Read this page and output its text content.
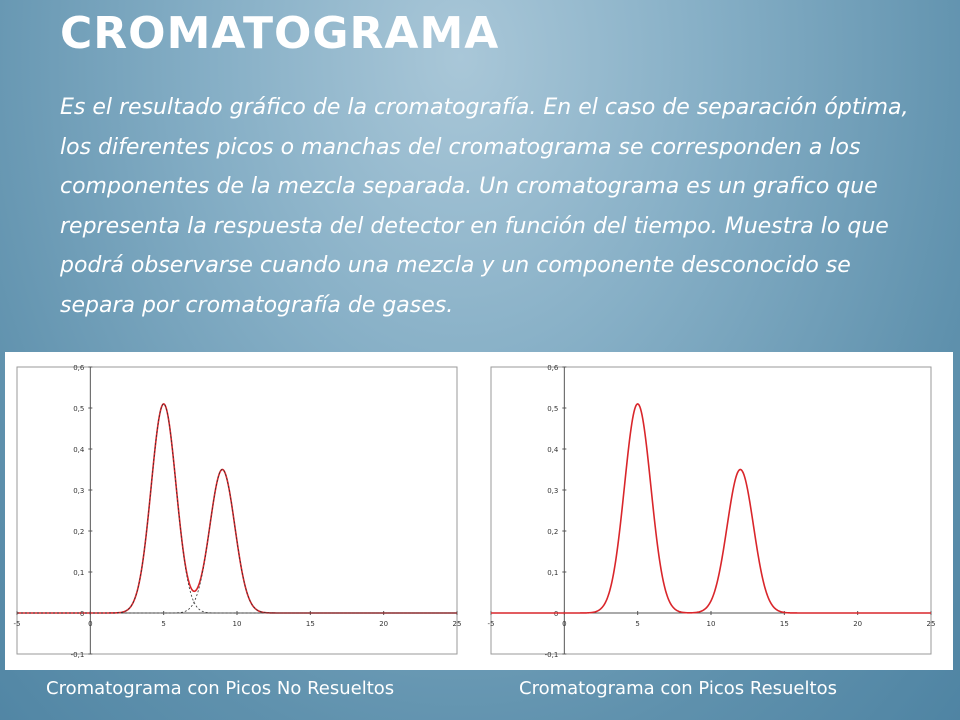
CROMATOGRAMA

Es el resultado gráfico de la cromatografía. En el caso de separación óptima, los diferentes picos o manchas del cromatograma se corresponden a los componentes de la mezcla separada. Un cromatograma es un grafico que representa la respuesta del detector en función del tiempo. Muestra lo que podrá observarse cuando una mezcla y un componente desconocido se separa por cromatografía de gases.

-5	0	5	10	15	20	25
-0,1
0
0,1
0,2
0,3
0,4
0,5
0,6
-5	0	5	10	15	20	25
-0,1
0
0,1
0,2
0,3
0,4
0,5
0,6
Cromatograma con Picos No Resueltos	Cromatograma con Picos Resueltos
